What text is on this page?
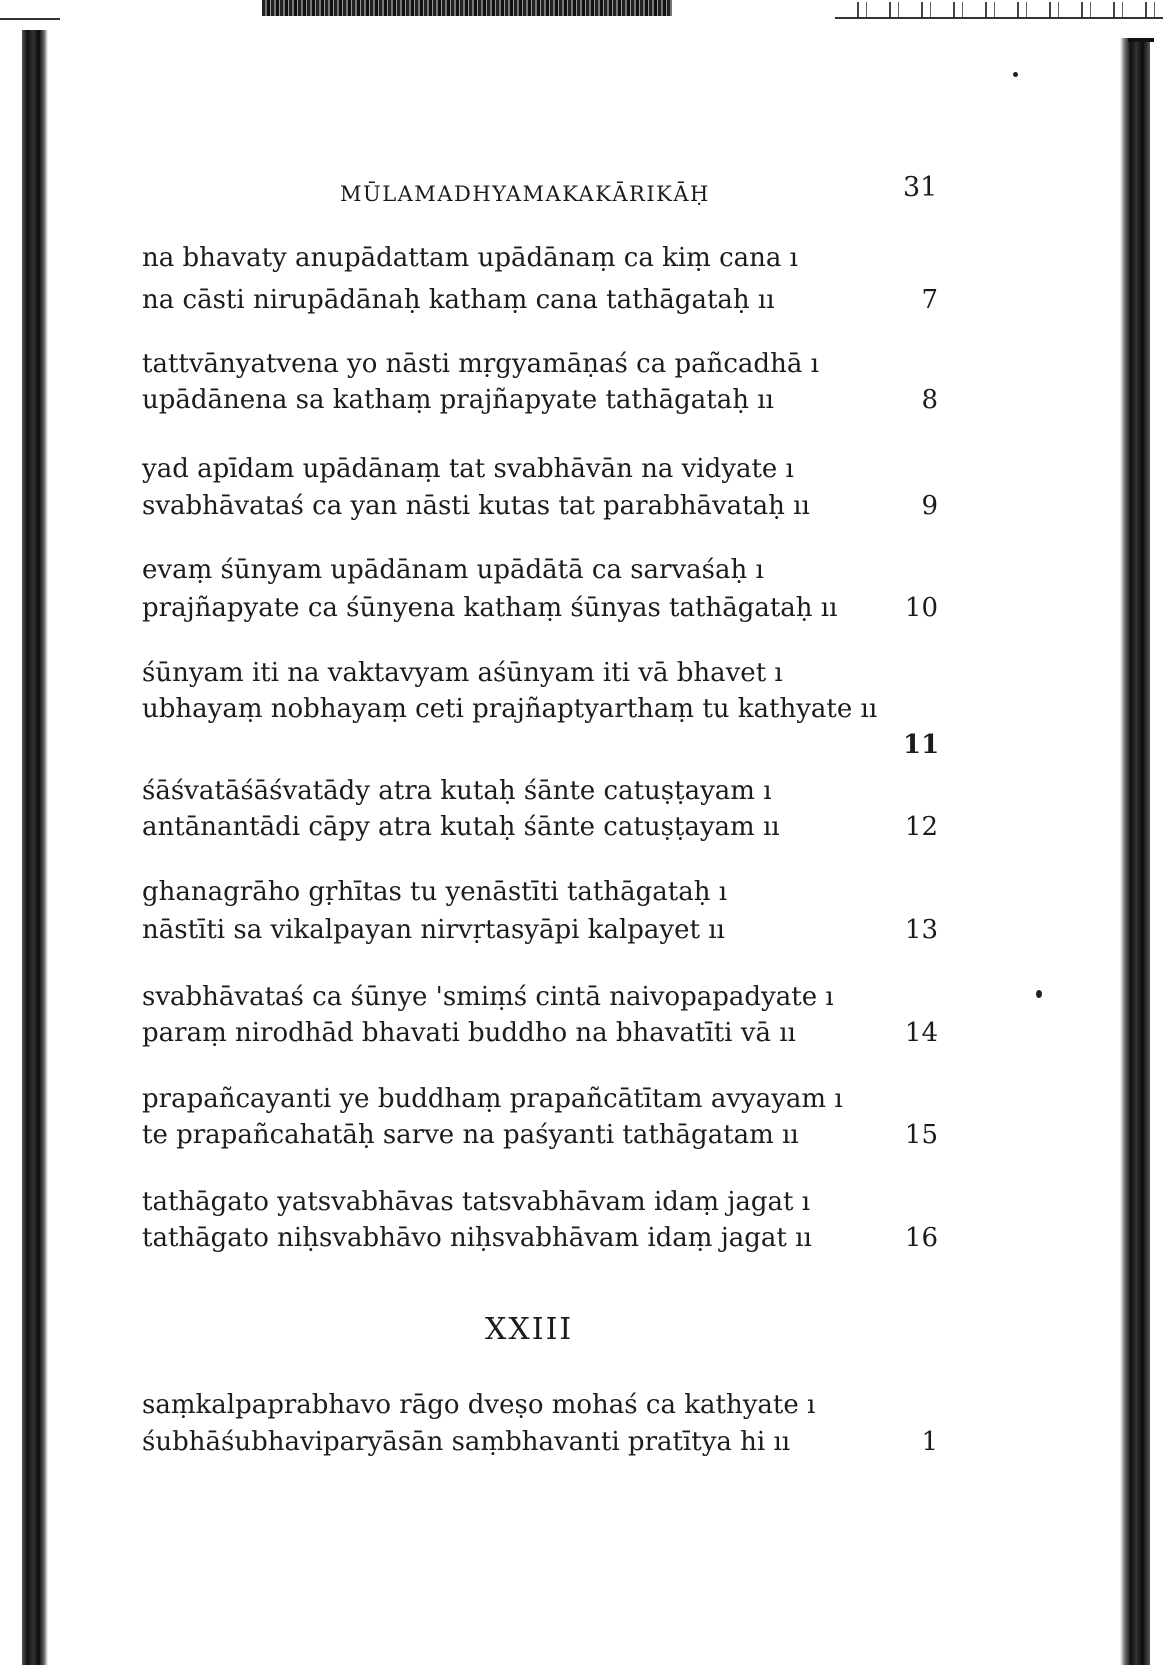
MŪLAMADHYAMAKAKĀRIKĀḤ	31
na bhavaty anupādattam upādānaṃ ca kiṃ cana ı
na cāsti nirupādānaḥ kathaṃ cana tathāgataḥ ıı	7
tattvānyatvena yo nāsti mṛgyamāṇaś ca pañcadhā ı
upādānena sa kathaṃ prajñapyate tathāgataḥ ıı	8
yad apīdam upādānaṃ tat svabhāvān na vidyate ı
svabhāvataś ca yan nāsti kutas tat parabhāvataḥ ıı	9
evaṃ śūnyam upādānam upādātā ca sarvaśaḥ ı
prajñapyate ca śūnyena kathaṃ śūnyas tathāgataḥ ıı	10
śūnyam iti na vaktavyam aśūnyam iti vā bhavet ı
ubhayaṃ nobhayaṃ ceti prajñaptyarthaṃ tu kathyate ıı
11
śāśvatāśāśvatādy atra kutaḥ śānte catuṣṭayam ı
antānantādi cāpy atra kutaḥ śānte catuṣṭayam ıı	12
ghanagrāho gṛhītas tu yenāstīti tathāgataḥ ı
nāstīti sa vikalpayan nirvṛtasyāpi kalpayet ıı	13
svabhāvataś ca śūnye 'smiṃś cintā naivopapadyate ı
paraṃ nirodhād bhavati buddho na bhavatīti vā ıı	14
prapañcayanti ye buddhaṃ prapañcātītam avyayam ı
te prapañcahatāḥ sarve na paśyanti tathāgatam ıı	15
tathāgato yatsvabhāvas tatsvabhāvam idaṃ jagat ı
tathāgato niḥsvabhāvo niḥsvabhāvam idaṃ jagat ıı	16
XXIII
saṃkalpaprabhavo rāgo dveṣo mohaś ca kathyate ı
śubhāśubhaviparyāsān saṃbhavanti pratītya hi ıı	1
